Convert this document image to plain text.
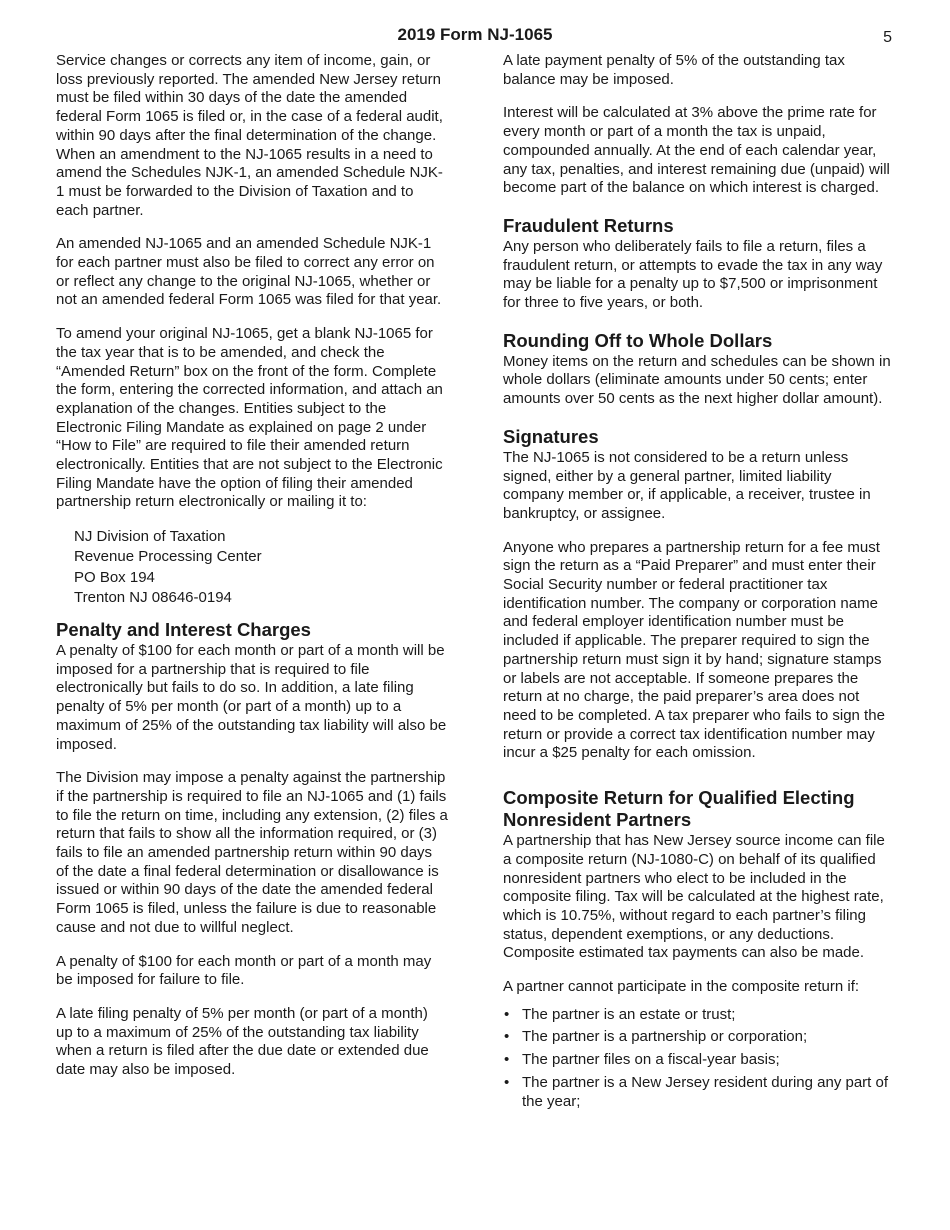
2019 Form NJ-1065	5

Service changes or corrects any item of income, gain, or loss previously reported. The amended New Jersey return must be filed within 30 days of the date the amended federal Form 1065 is filed or, in the case of a federal audit, within 90 days after the final determination of the change. When an amendment to the NJ-1065 results in a need to amend the Schedules NJK-1, an amended Schedule NJK-1 must be forwarded to the Division of Taxation and to each partner.

An amended NJ-1065 and an amended Schedule NJK-1 for each partner must also be filed to correct any error on or reflect any change to the original NJ-1065, whether or not an amended federal Form 1065 was filed for that year.

To amend your original NJ-1065, get a blank NJ-1065 for the tax year that is to be amended, and check the “Amended Return” box on the front of the form. Complete the form, entering the corrected information, and attach an explanation of the changes. Entities subject to the Electronic Filing Mandate as explained on page 2 under “How to File” are required to file their amended return electronically. Entities that are not subject to the Electronic Filing Mandate have the option of filing their amended partnership return electronically or mailing it to:

NJ Division of Taxation
Revenue Processing Center
PO Box 194
Trenton NJ 08646-0194
Penalty and Interest Charges

A penalty of $100 for each month or part of a month will be imposed for a partnership that is required to file electronically but fails to do so. In addition, a late filing penalty of 5% per month (or part of a month) up to a maximum of 25% of the outstanding tax liability will also be imposed.

The Division may impose a penalty against the partnership if the partnership is required to file an NJ-1065 and (1) fails to file the return on time, including any extension, (2) files a return that fails to show all the information required, or (3) fails to file an amended partnership return within 90 days of the date a final federal determination or disallowance is issued or within 90 days of the date the amended federal Form 1065 is filed, unless the failure is due to reasonable cause and not due to willful neglect.

A penalty of $100 for each month or part of a month may be imposed for failure to file.

A late filing penalty of 5% per month (or part of a month) up to a maximum of 25% of the outstanding tax liability when a return is filed after the due date or extended due date may also be imposed.

A late payment penalty of 5% of the outstanding tax balance may be imposed.

Interest will be calculated at 3% above the prime rate for every month or part of a month the tax is unpaid, compounded annually. At the end of each calendar year, any tax, penalties, and interest remaining due (unpaid) will become part of the balance on which interest is charged.

Fraudulent Returns

Any person who deliberately fails to file a return, files a fraudulent return, or attempts to evade the tax in any way may be liable for a penalty up to $7,500 or imprisonment for three to five years, or both.

Rounding Off to Whole Dollars

Money items on the return and schedules can be shown in whole dollars (eliminate amounts under 50 cents; enter amounts over 50 cents as the next higher dollar amount).

Signatures

The NJ-1065 is not considered to be a return unless signed, either by a general partner, limited liability company member or, if applicable, a receiver, trustee in bankruptcy, or assignee.

Anyone who prepares a partnership return for a fee must sign the return as a “Paid Preparer” and must enter their Social Security number or federal practitioner tax identification number. The company or corporation name and federal employer identification number must be included if applicable. The preparer required to sign the partnership return must sign it by hand; signature stamps or labels are not acceptable. If someone prepares the return at no charge, the paid preparer’s area does not need to be completed. A tax preparer who fails to sign the return or provide a correct tax identification number may incur a $25 penalty for each omission.

Composite Return for Qualified Electing Nonresident Partners

A partnership that has New Jersey source income can file a composite return (NJ-1080-C) on behalf of its qualified nonresident partners who elect to be included in the composite filing. Tax will be calculated at the highest rate, which is 10.75%, without regard to each partner’s filing status, dependent exemptions, or any deductions. Composite estimated tax payments can also be made.

A partner cannot participate in the composite return if:

• The partner is an estate or trust;
• The partner is a partnership or corporation;
• The partner files on a fiscal-year basis;
• The partner is a New Jersey resident during any part of the year;
